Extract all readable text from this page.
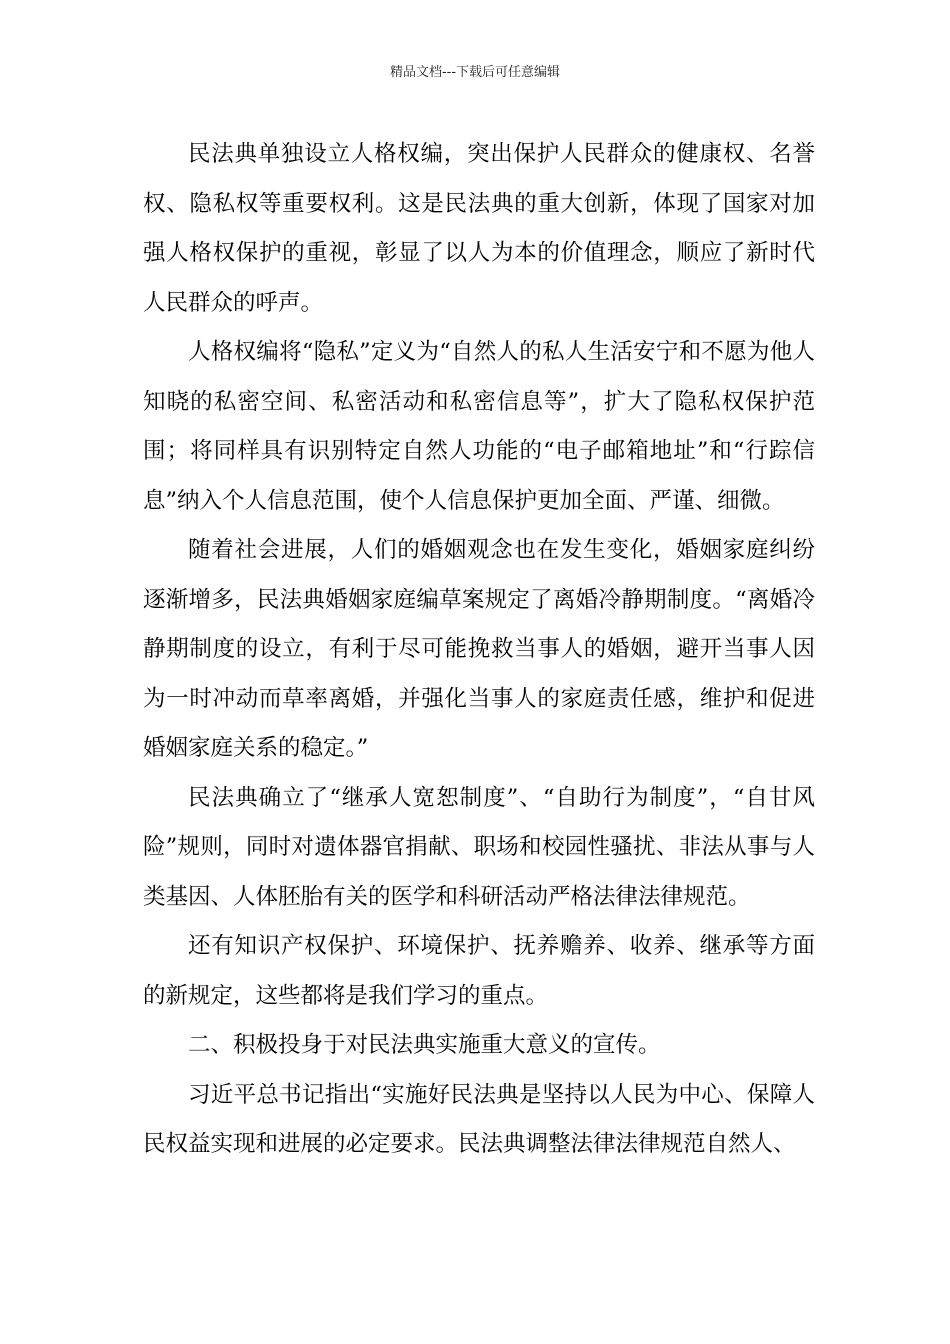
精品文档---下载后可任意编辑

民法典单独设立人格权编，突出保护人民群众的健康权、名誉权、隐私权等重要权利。这是民法典的重大创新，体现了国家对加强人格权保护的重视，彰显了以人为本的价值理念，顺应了新时代人民群众的呼声。

人格权编将“隐私”定义为“自然人的私人生活安宁和不愿为他人知晓的私密空间、私密活动和私密信息等”，扩大了隐私权保护范围；将同样具有识别特定自然人功能的“电子邮箱地址”和“行踪信息”纳入个人信息范围，使个人信息保护更加全面、严谨、细微。

随着社会进展，人们的婚姻观念也在发生变化，婚姻家庭纠纷逐渐增多，民法典婚姻家庭编草案规定了离婚冷静期制度。“离婚冷静期制度的设立，有利于尽可能挽救当事人的婚姻，避开当事人因为一时冲动而草率离婚，并强化当事人的家庭责任感，维护和促进婚姻家庭关系的稳定。”

民法典确立了“继承人宽恕制度”、“自助行为制度”，“自甘风险”规则，同时对遗体器官捐献、职场和校园性骚扰、非法从事与人类基因、人体胚胎有关的医学和科研活动严格法律法律规范。

还有知识产权保护、环境保护、抚养赡养、收养、继承等方面的新规定，这些都将是我们学习的重点。

二、积极投身于对民法典实施重大意义的宣传。

习近平总书记指出“实施好民法典是坚持以人民为中心、保障人民权益实现和进展的必定要求。民法典调整法律法律规范自然人、
